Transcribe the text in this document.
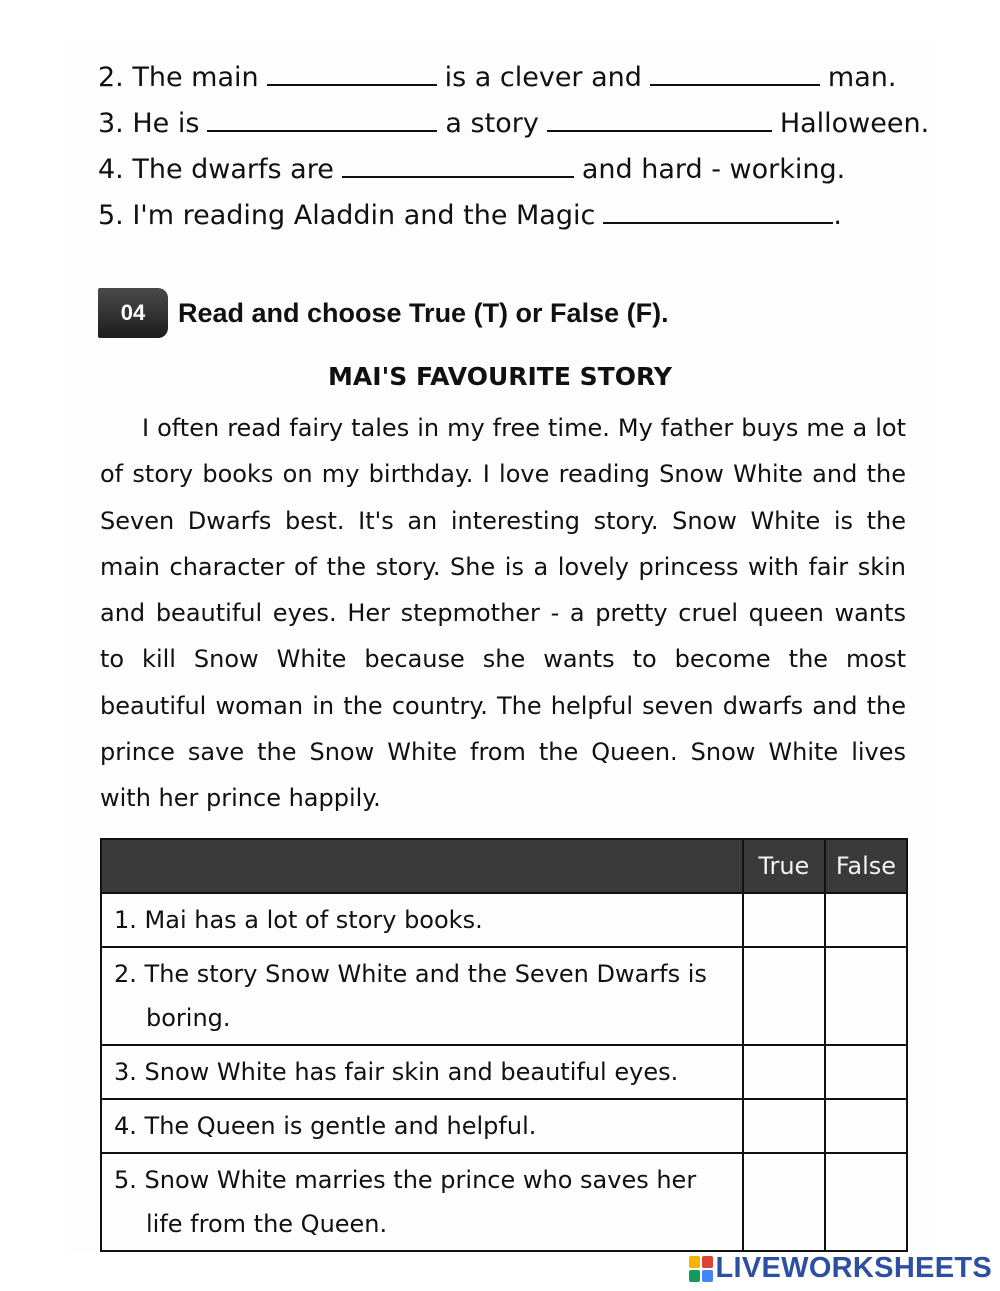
2. The main	is a clever and	man.
3. He is	a story	Halloween.
4. The dwarfs are	and hard - working.
5. I'm reading Aladdin and the Magic	.
04	Read and choose True (T) or False (F).
MAI'S FAVOURITE STORY
I often read fairy tales in my free time. My father buys me a lot of story books on my birthday. I love reading Snow White and the Seven Dwarfs best. It's an interesting story. Snow White is the main character of the story. She is a lovely princess with fair skin and beautiful eyes. Her stepmother - a pretty cruel queen wants to kill Snow White because she wants to become the most beautiful woman in the country. The helpful seven dwarfs and the prince save the Snow White from the Queen. Snow White lives with her prince happily.
	True	False

1. Mai has a lot of story books.		

2. The story Snow White and the Seven Dwarfs is boring.		

3. Snow White has fair skin and beautiful eyes.		

4. The Queen is gentle and helpful.		

5. Snow White marries the prince who saves her life from the Queen.		

LIVEWORKSHEETS
